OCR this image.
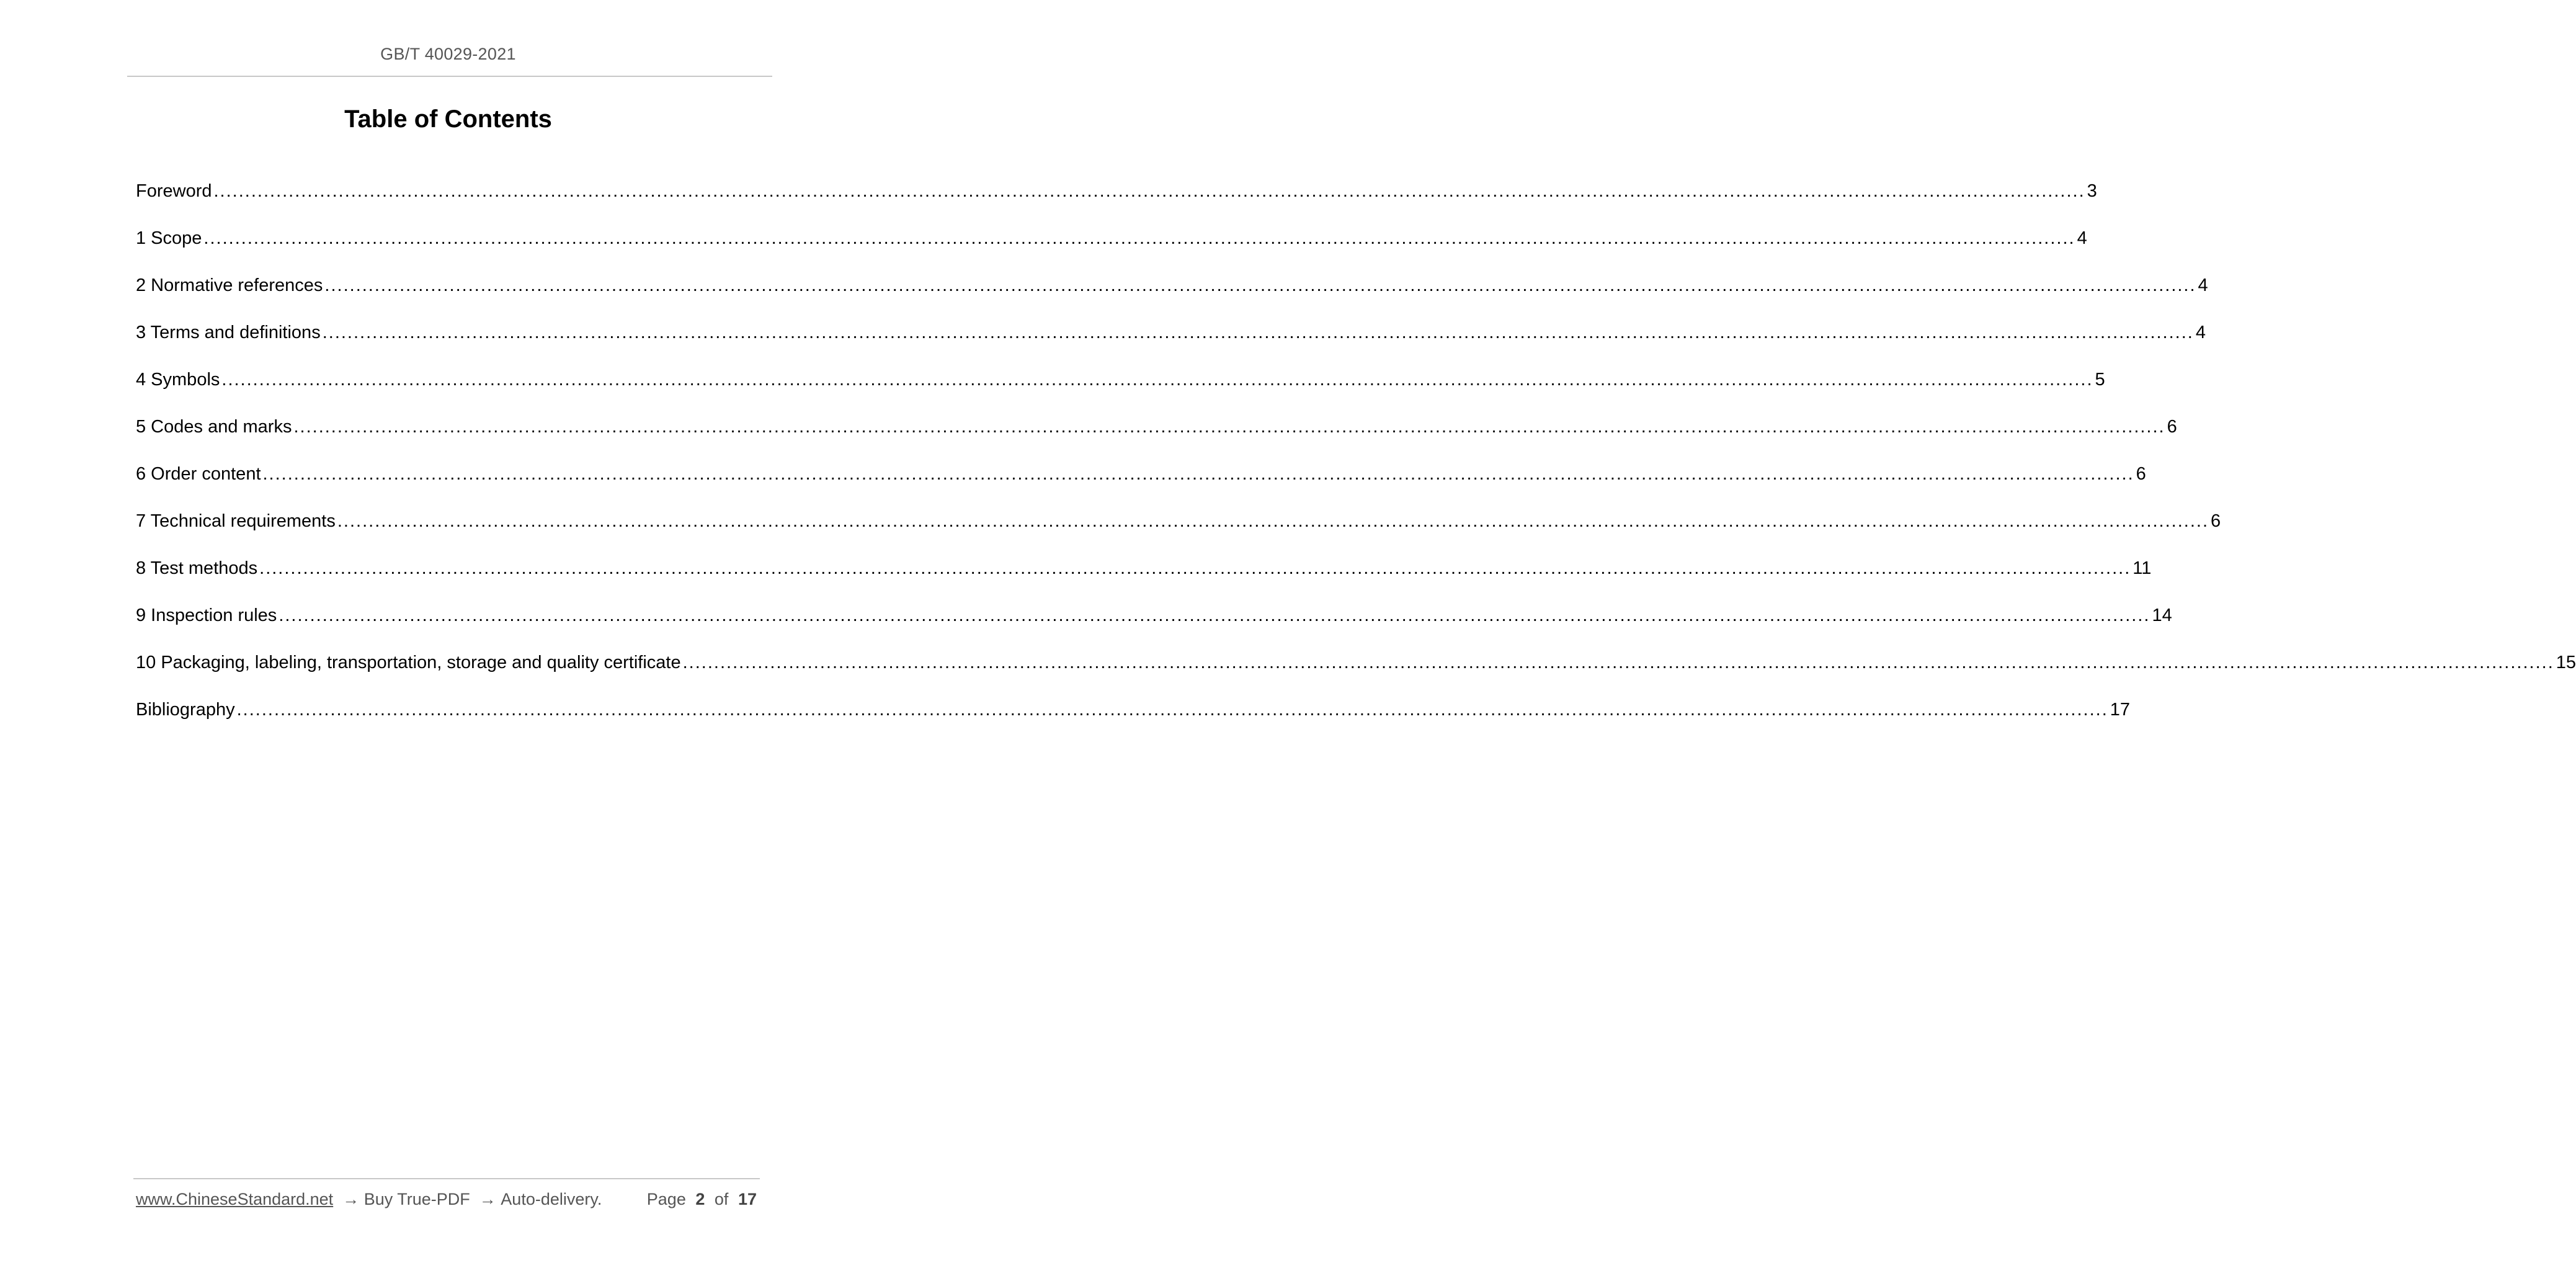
GB/T 40029-2021
Table of Contents
Foreword ............................................................................................................................................................................................................................................................................................................ 3
1 Scope ............................................................................................................................................................................................................................................................................................................ 4
2 Normative references ............................................................................................................................................................................................................................................................................................................ 4
3 Terms and definitions ............................................................................................................................................................................................................................................................................................................ 4
4 Symbols ............................................................................................................................................................................................................................................................................................................ 5
5 Codes and marks ............................................................................................................................................................................................................................................................................................................ 6
6 Order content ............................................................................................................................................................................................................................................................................................................ 6
7 Technical requirements ............................................................................................................................................................................................................................................................................................................ 6
8 Test methods ............................................................................................................................................................................................................................................................................................................ 11
9 Inspection rules ............................................................................................................................................................................................................................................................................................................ 14
10 Packaging, labeling, transportation, storage and quality certificate ............................................................................................................................................................................................................................................................................................................ 15
Bibliography ............................................................................................................................................................................................................................................................................................................ 17
www.ChineseStandard.net  → Buy True-PDF  → Auto-delivery.	Page 2 of 17
